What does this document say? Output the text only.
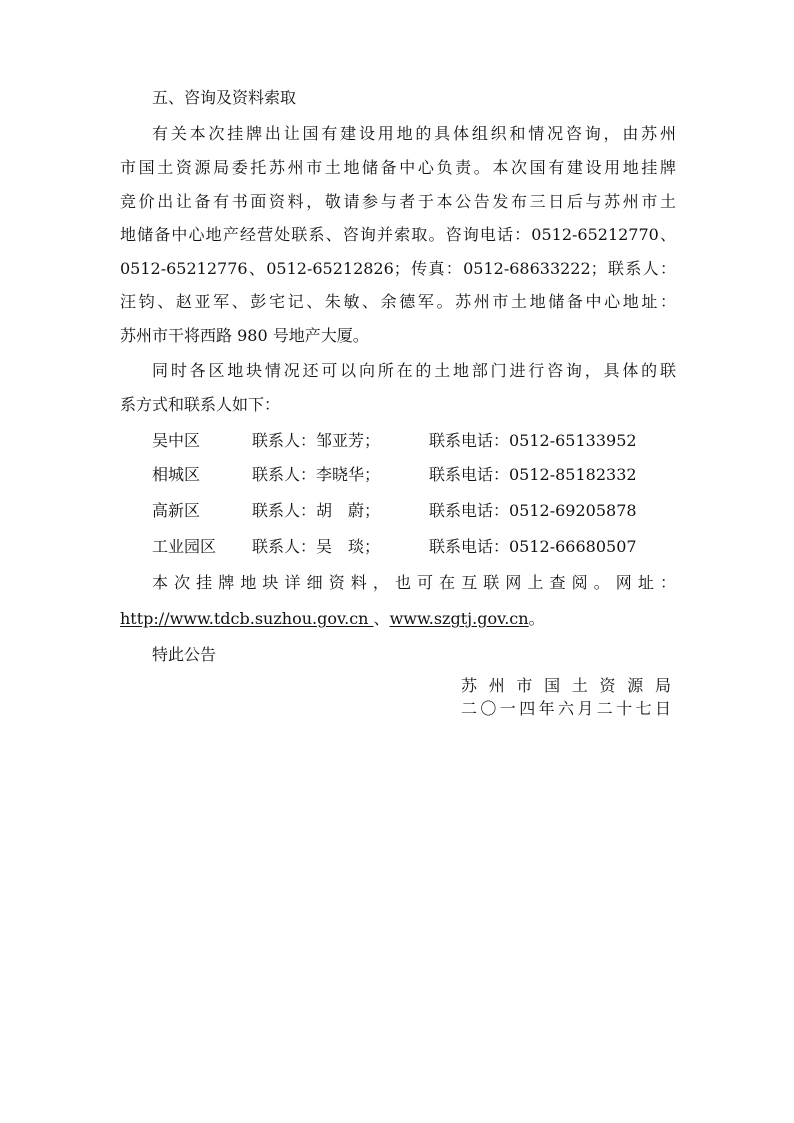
五、咨询及资料索取
有关本次挂牌出让国有建设用地的具体组织和情况咨询，由苏州
市国土资源局委托苏州市土地储备中心负责。本次国有建设用地挂牌
竞价出让备有书面资料，敬请参与者于本公告发布三日后与苏州市土
地储备中心地产经营处联系、咨询并索取。咨询电话：0512-65212770、
0512-65212776、0512-65212826；传真：0512-68633222；联系人：
汪钧、赵亚军、彭宅记、朱敏、余德军。苏州市土地储备中心地址：
苏州市干将西路 980 号地产大厦。
同时各区地块情况还可以向所在的土地部门进行咨询，具体的联
系方式和联系人如下：
吴中区	联系人：邹亚芳；	联系电话：0512-65133952
相城区	联系人：李晓华；	联系电话：0512-85182332
高新区	联系人：胡　蔚；	联系电话：0512-69205878
工业园区 联系人：吴　琰；	联系电话：0512-66680507
本次挂牌地块详细资料，也可在互联网上查阅。网址：
http://www.tdcb.suzhou.gov.cn 、www.szgtj.gov.cn。
特此公告
苏州市国土资源局
二〇一四年六月二十七日
